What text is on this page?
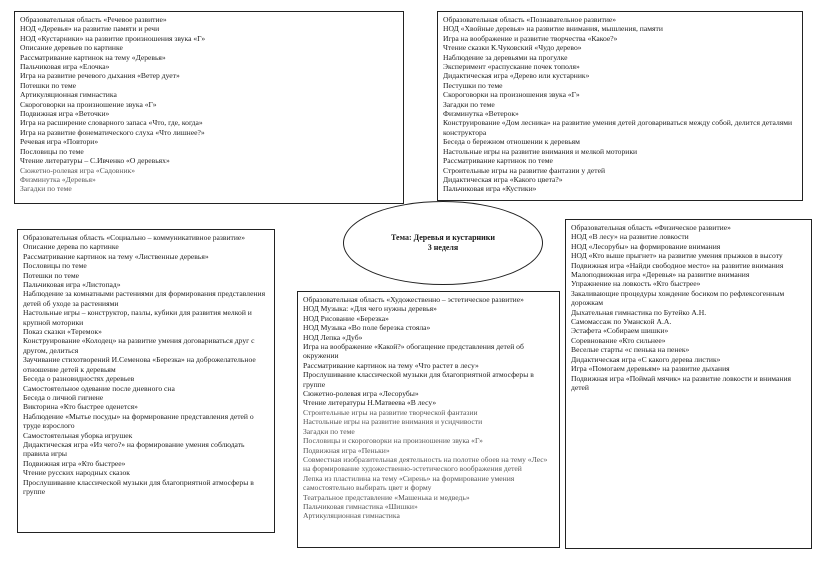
Образовательная область «Речевое развитие»
НОД «Деревья» на развитие памяти и речи
НОД «Кустарники» на развитие произношения звука «Г»
Описание деревьев по картинке
Рассматривание картинок на тему «Деревья»
Пальчиковая игра «Елочка»
Игра на развитие речевого дыхания «Ветер дует»
Потешки по теме
Артикуляционная гимнастика
Скороговорки на произношение звука «Г»
Подвижная игра «Веточки»
Игра на расширение словарного запаса «Что, где, когда»
Игра на развитие фонематического слуха «Что лишнее?»
Речевая игра «Повтори»
Пословицы по теме
Чтение литературы – С.Ивченко «О деревьях»
Сюжетно-ролевая игра «Садовник»
Физминутка «Деревья»
Загадки по теме
Образовательная область «Познавательное развитие»
НОД «Хвойные деревья» на развитие внимания, мышления, памяти
Игра на воображение и развитие творчества «Какое?»
Чтение сказки К.Чуковский «Чудо дерево»
Наблюдение за деревьями на прогулке
Эксперимент «распускание почек тополя»
Дидактическая игра «Дерево или кустарник»
Пестушки по теме
Скороговорки на произношения звука «Г»
Загадки по теме
Физминутка «Ветерок»
Конструирование «Дом лесника» на развитие умения детей договариваться между собой, делится деталями конструктора
Беседа о бережном отношении к деревьям
Настольные игры на развитие внимания и мелкой моторики
Рассматривание картинок по теме
Строительные игры на развитие фантазии у детей
Дидактическая игра «Какого цвета?»
Пальчиковая игра «Кустики»
Тема: Деревья и кустарники
3 неделя
Образовательная область «Социально – коммуникативное развитие»
Описание дерева по картинке
Рассматривание картинок на тему «Лиственные деревья»
Пословицы по теме
Потешки по теме
Пальчиковая игра «Листопад»
Наблюдение за комнатными растениями для формирования представления детей об уходе за растениями
Настольные игры – конструктор, пазлы, кубики для развития мелкой и крупной моторики
Показ сказки «Теремок»
Конструирование «Колодец» на развитие умения договариваться друг с другом, делиться
Заучивание стихотворений И.Семенова «Березка» на доброжелательное отношение детей к деревьям
Беседа о разновидностях деревьев
Самостоятельное одевание после дневного сна
Беседа о личной гигиене
Викторина «Кто быстрее оденется»
Наблюдение «Мытье посуды» на формирование представления детей о труде взрослого
Самостоятельная уборка игрушек
Дидактическая игра «Из чего?» на формирование умения соблюдать правила игры
Подвижная игра «Кто быстрее»
Чтение русских народных сказок
Прослушивание классической музыки для благоприятной атмосферы в группе
Образовательная область «Художественно – эстетическое развитие»
НОД Музыка: «Для чего нужны деревья»
НОД Рисование «Березка»
НОД Музыка «Во поле березка стояла»
НОД Лепка «Дуб»
Игра на воображение «Какой?» обогащение представления детей об окружении
Рассматривание картинок на тему «Что растет в лесу»
Прослушивание классической музыки для благоприятной атмосферы в группе
Сюжетно-ролевая игра «Лесорубы»
Чтение литературы Н.Матвеева «В лесу»
Строительные игры на развитие творческой фантазии
Настольные игры на развитие внимания и усидчивости
Загадки по теме
Пословицы и скороговорки на произношение звука «Г»
Подвижная игра «Пеньки»
Совместная изобразительная деятельность на полотне обоев на тему «Лес» на формирование художественно-эстетического воображения детей
Лепка из пластилина на тему «Сирень» на формирование умения самостоятельно выбирать цвет и форму
Театральное представление «Машенька и медведь»
Пальчиковая гимнастика «Шишки»
Артикуляционная гимнастика
Образовательная область «Физическое развитие»
НОД «В лесу» на развитие ловкости
НОД «Лесорубы» на формирование внимания
НОД «Кто выше прыгнет» на развитие умения прыжков в высоту
Подвижная игра «Найди свободное место» на развитие внимания
Малоподвижная игра «Деревья» на развитие внимания
Упражнение на ловкость «Кто быстрее»
Закаливающие процедуры хождение босиком по рефлексогенным дорожкам
Дыхательная гимнастика по Бутейко А.Н.
Самомассаж по Уманской А.А.
Эстафета «Собираем шишки»
Соревнование «Кто сильнее»
Веселые старты «с пенька на пенек»
Дидактическая игра «С какого дерева листик»
Игра «Помогаем деревьям» на развитие дыхания
Подвижная игра «Поймай мячик» на развитие ловкости и внимания детей
